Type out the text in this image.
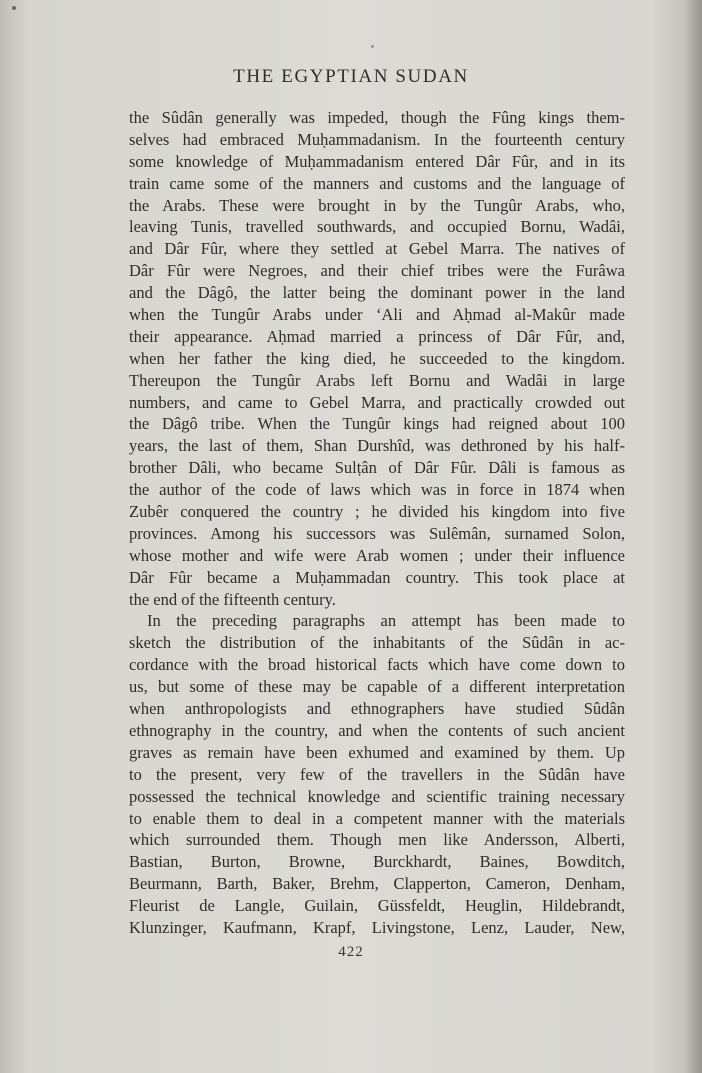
THE EGYPTIAN SUDAN
the Sûdân generally was impeded, though the Fûng kings them-
selves had embraced Muḥammadanism. In the fourteenth century
some knowledge of Muḥammadanism entered Dâr Fûr, and in its
train came some of the manners and customs and the language of
the Arabs. These were brought in by the Tungûr Arabs, who,
leaving Tunis, travelled southwards, and occupied Bornu, Wadâi,
and Dâr Fûr, where they settled at Gebel Marra. The natives of
Dâr Fûr were Negroes, and their chief tribes were the Furâwa
and the Dâgô, the latter being the dominant power in the land
when the Tungûr Arabs under ‘Ali and Aḥmad al-Makûr made
their appearance. Aḥmad married a princess of Dâr Fûr, and,
when her father the king died, he succeeded to the kingdom.
Thereupon the Tungûr Arabs left Bornu and Wadâi in large
numbers, and came to Gebel Marra, and practically crowded out
the Dâgô tribe. When the Tungûr kings had reigned about 100
years, the last of them, Shan Durshîd, was dethroned by his half-
brother Dâli, who became Sulṭân of Dâr Fûr. Dâli is famous as
the author of the code of laws which was in force in 1874 when
Zubêr conquered the country ; he divided his kingdom into five
provinces. Among his successors was Sulêmân, surnamed Solon,
whose mother and wife were Arab women ; under their influence
Dâr Fûr became a Muḥammadan country. This took place at
the end of the fifteenth century.
In the preceding paragraphs an attempt has been made to
sketch the distribution of the inhabitants of the Sûdân in ac-
cordance with the broad historical facts which have come down to
us, but some of these may be capable of a different interpretation
when anthropologists and ethnographers have studied Sûdân
ethnography in the country, and when the contents of such ancient
graves as remain have been exhumed and examined by them. Up
to the present, very few of the travellers in the Sûdân have
possessed the technical knowledge and scientific training necessary
to enable them to deal in a competent manner with the materials
which surrounded them. Though men like Andersson, Alberti,
Bastian, Burton, Browne, Burckhardt, Baines, Bowditch,
Beurmann, Barth, Baker, Brehm, Clapperton, Cameron, Denham,
Fleurist de Langle, Guilain, Güssfeldt, Heuglin, Hildebrandt,
Klunzinger, Kaufmann, Krapf, Livingstone, Lenz, Lauder, New,
422
